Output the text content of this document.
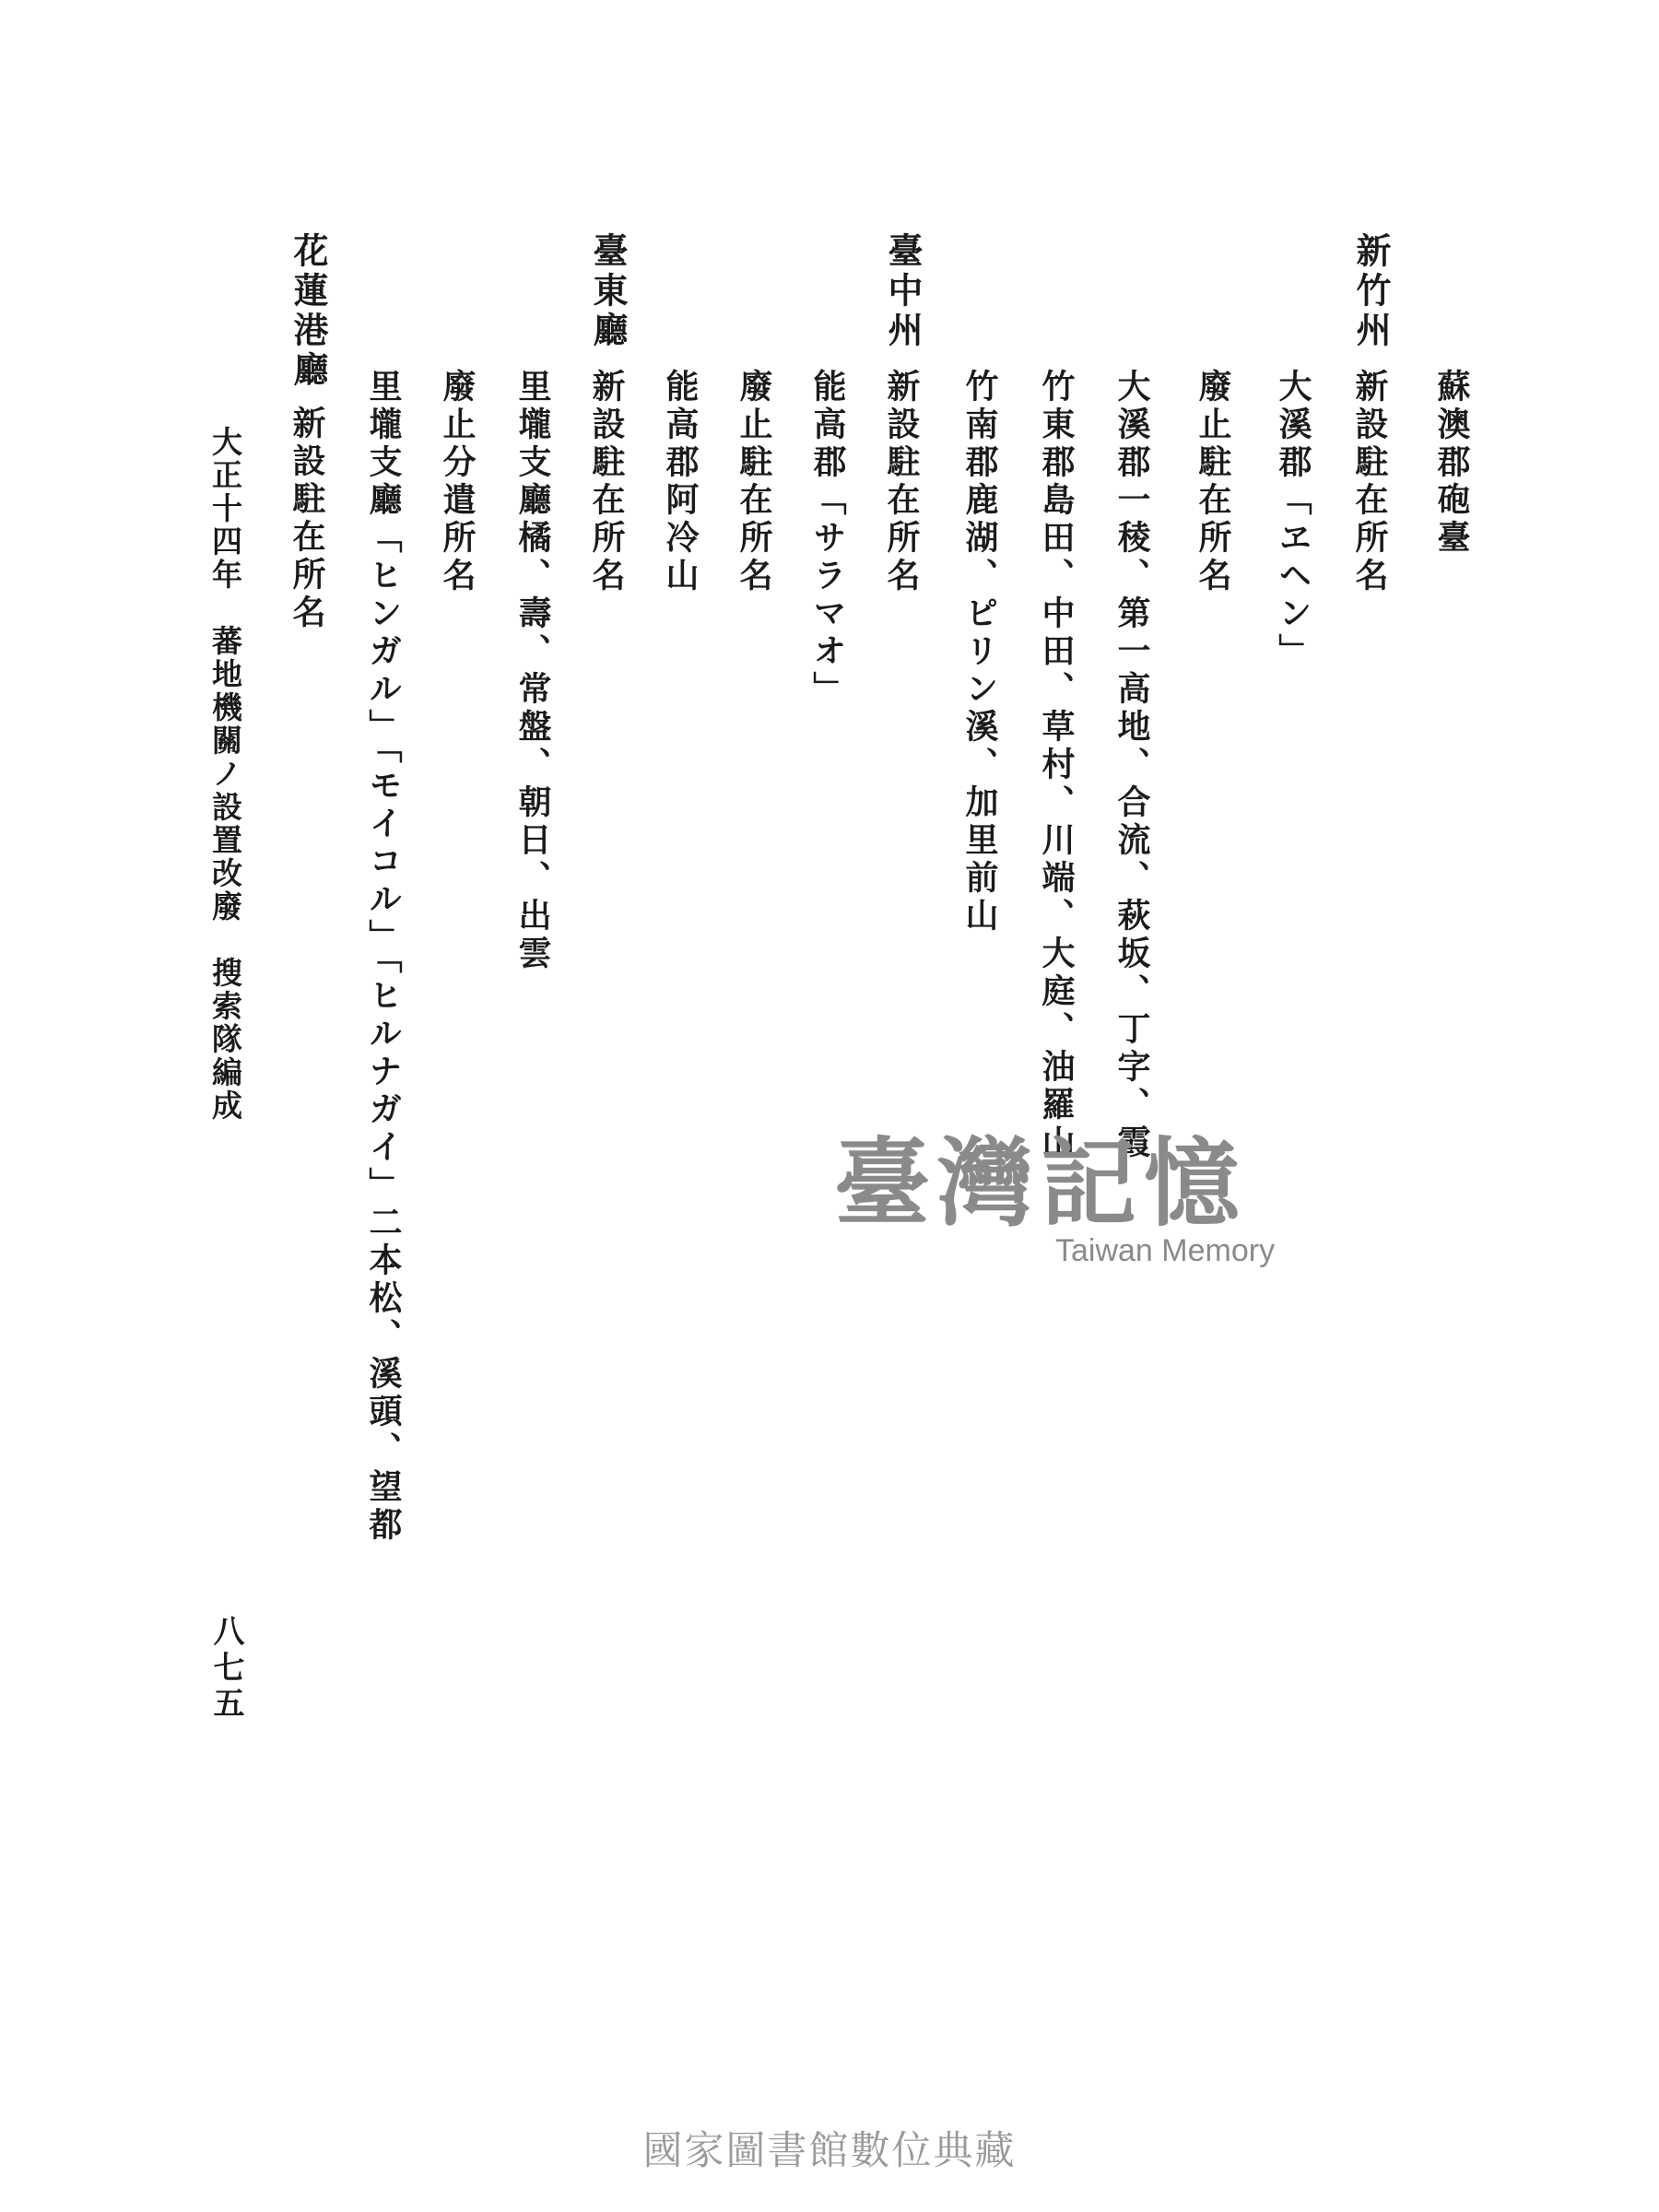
蘇澳郡砲臺
新竹州
新設駐在所名
大溪郡「ヱヘン」
廢止駐在所名
大溪郡一稜、第一高地、合流、萩坂、丁字、霞
竹東郡島田、中田、草村、川端、大庭、油羅山
竹南郡鹿湖、ピリン溪、加里前山
臺中州
新設駐在所名
能高郡「サラマオ」
廢止駐在所名
能高郡阿冷山
臺東廳
新設駐在所名
里壠支廳橘、壽、常盤、朝日、出雲
廢止分遣所名
里壠支廳「ヒンガル」「モイコル」「ヒルナガイ」二本松、溪頭、望都
花蓮港廳
新設駐在所名
大正十四年　蕃地機關ノ設置改廢　搜索隊編成
八七五
臺灣記憶
Taiwan Memory
國家圖書館數位典藏
